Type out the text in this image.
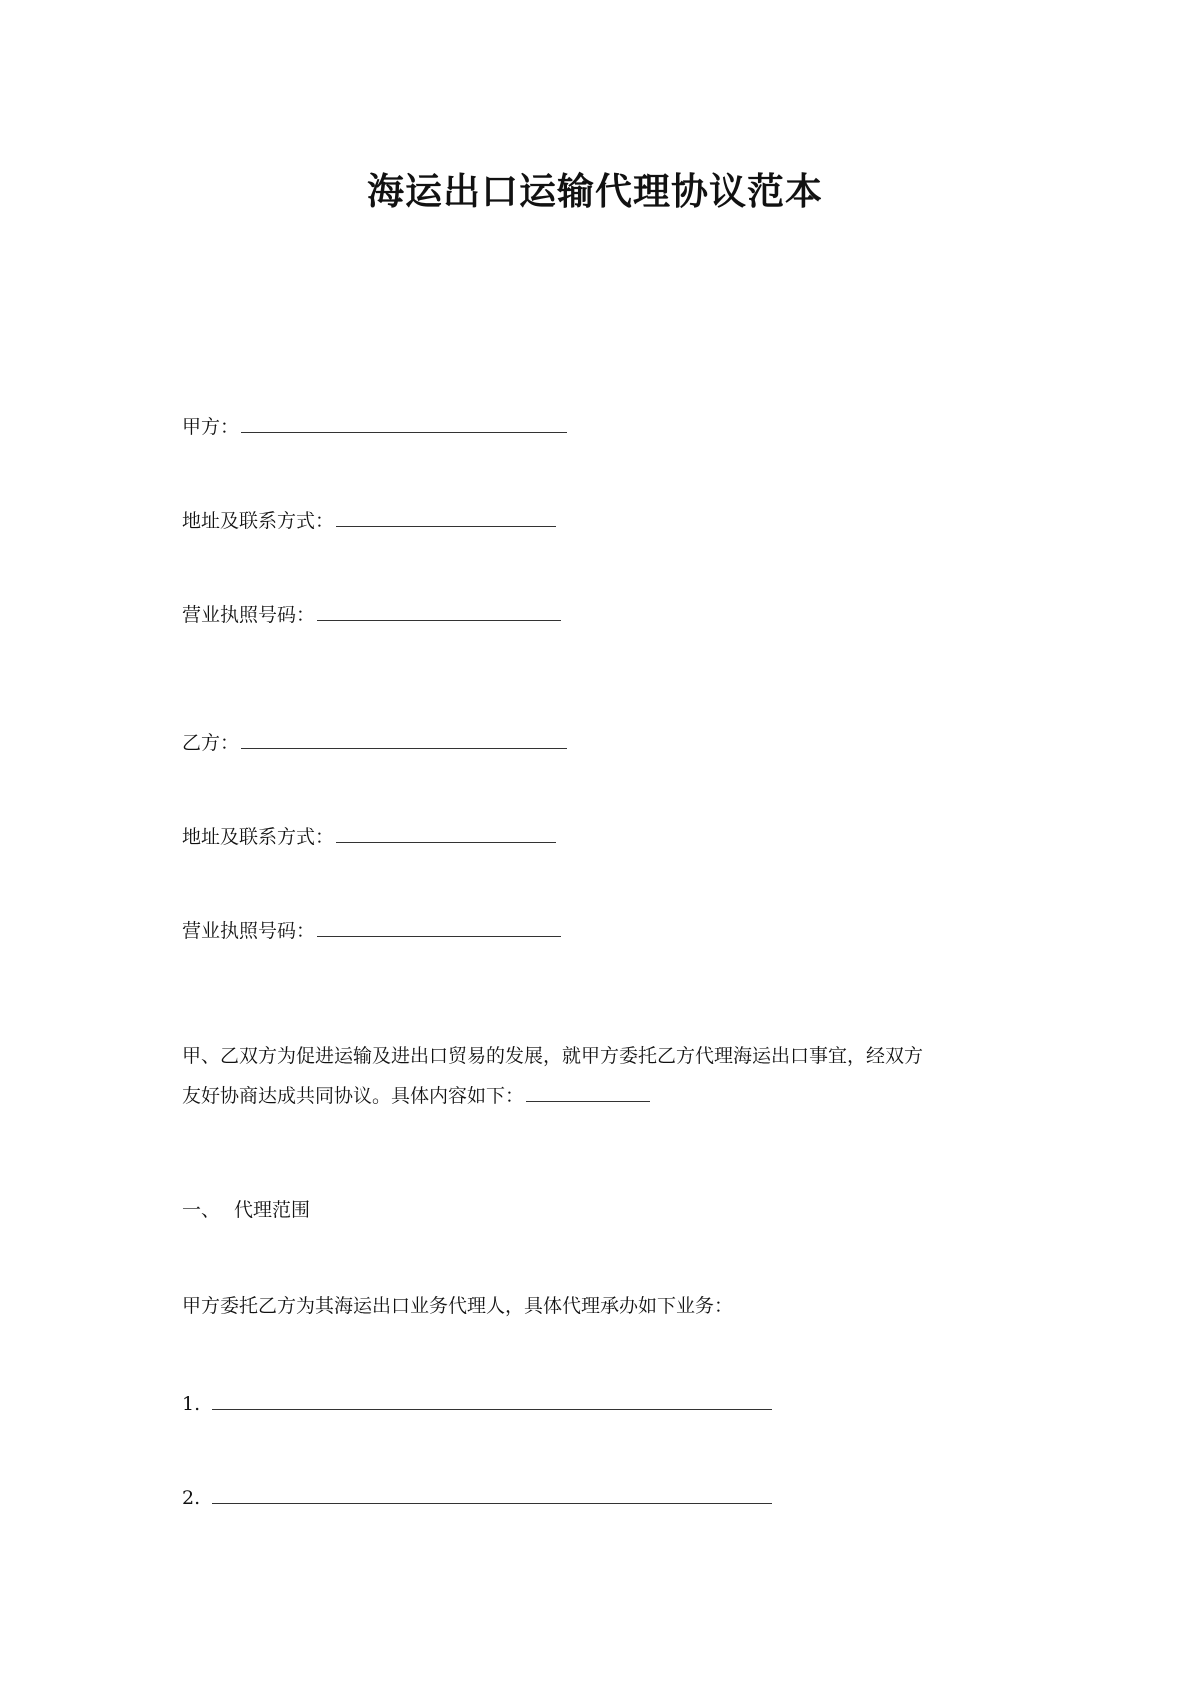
海运出口运输代理协议范本
甲方：
地址及联系方式：
营业执照号码：
乙方：
地址及联系方式：
营业执照号码：
甲、乙双方为促进运输及进出口贸易的发展，就甲方委托乙方代理海运出口事宜，经双方
友好协商达成共同协议。具体内容如下：
一、 代理范围
甲方委托乙方为其海运出口业务代理人，具体代理承办如下业务：
1.
2.
